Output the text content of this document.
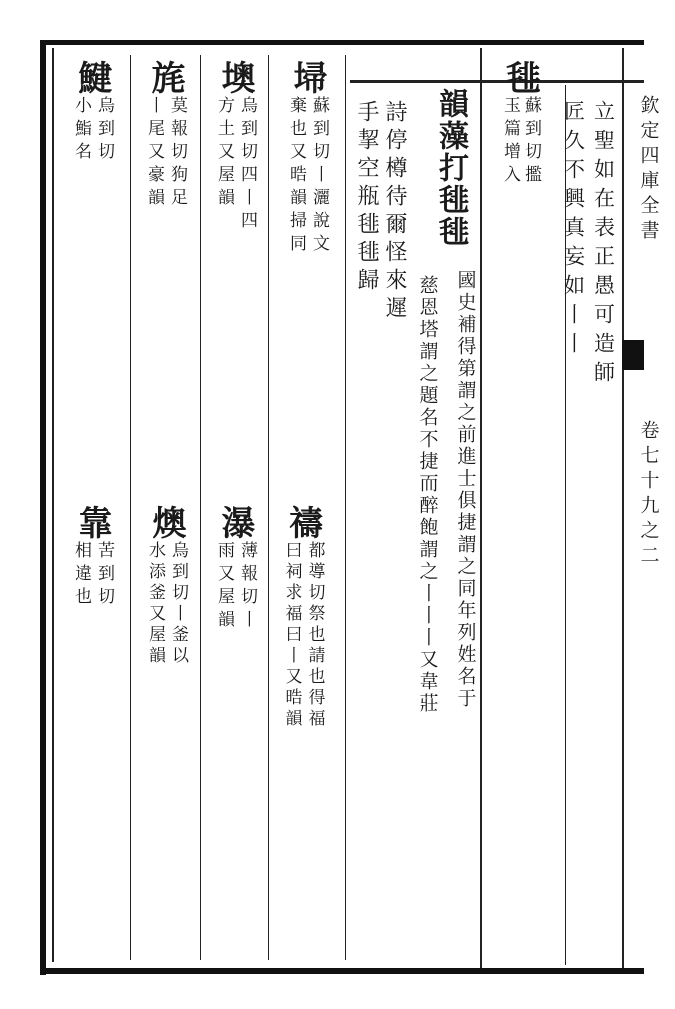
欽定四庫全書
卷七十九之二
立聖如在表正愚可造師
匠久不興真妄如丨丨
毴
蘇到切㩜
玉篇增入
韻藻打毴毴
國史補得第謂之前進士俱捷謂之同年列姓名于
慈恩塔謂之題名不捷而醉飽謂之丨丨丨又韋莊
詩停樽待爾怪來遲
手挈空瓶毴毴歸
埽
蘇到切丨灑說文
棄也又晧韻掃同
墺
烏到切四丨四
方土又屋韻
旄
莫報切狗足
丨尾又豪韻
鰎
烏到切
小鮨名
禱
都導切祭也請也得福
曰祠求福曰丨又晧韻
瀑
薄報切丨
雨又屋韻
燠
烏到切丨釜以
水添釜又屋韻
靠
苦到切
相違也
